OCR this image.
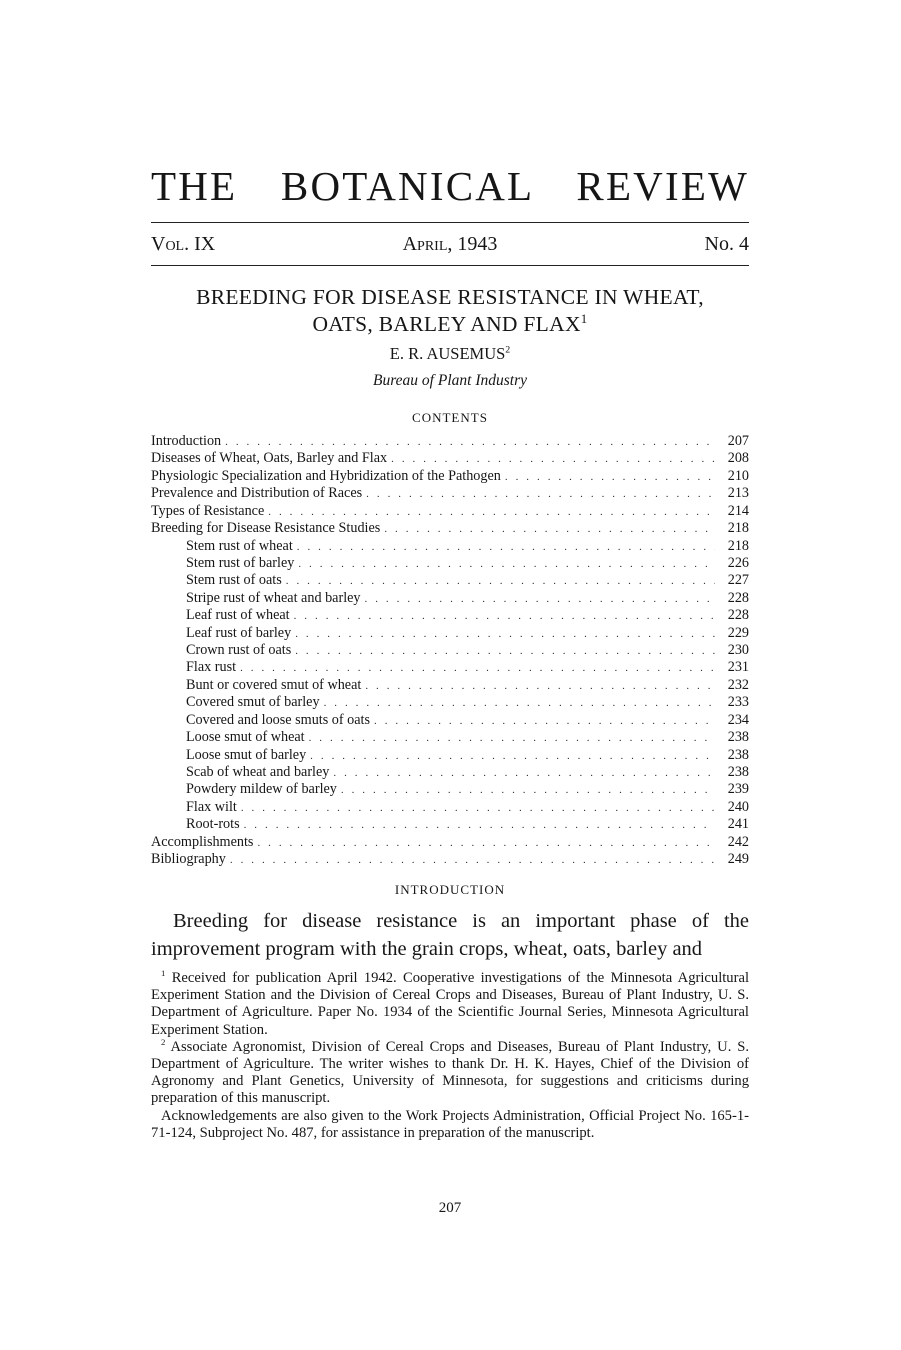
THE BOTANICAL REVIEW
Vol. IX	April, 1943	No. 4
BREEDING FOR DISEASE RESISTANCE IN WHEAT,
OATS, BARLEY AND FLAX$^1$
E. R. AUSEMUS$^2$
Bureau of Plant Industry
CONTENTS
Introduction . . .	207
Diseases of Wheat, Oats, Barley and Flax . . .	208
Physiologic Specialization and Hybridization of the Pathogen . . .	210
Prevalence and Distribution of Races . . .	213
Types of Resistance . . .	214
Breeding for Disease Resistance Studies . . .	218
Stem rust of wheat . . .	218
Stem rust of barley . . .	226
Stem rust of oats . . .	227
Stripe rust of wheat and barley . . .	228
Leaf rust of wheat . . .	228
Leaf rust of barley . . .	229
Crown rust of oats . . .	230
Flax rust . . .	231
Bunt or covered smut of wheat . . .	232
Covered smut of barley . . .	233
Covered and loose smuts of oats . . .	234
Loose smut of wheat . . .	238
Loose smut of barley . . .	238
Scab of wheat and barley . . .	238
Powdery mildew of barley . . .	239
Flax wilt . . .	240
Root-rots . . .	241
Accomplishments . . .	242
Bibliography . . .	249
INTRODUCTION

Breeding for disease resistance is an important phase of the improvement program with the grain crops, wheat, oats, barley and

$^1$ Received for publication April 1942. Cooperative investigations of the Minnesota Agricultural Experiment Station and the Division of Cereal Crops and Diseases, Bureau of Plant Industry, U. S. Department of Agriculture. Paper No. 1934 of the Scientific Journal Series, Minnesota Agricultural Experiment Station.

$^2$ Associate Agronomist, Division of Cereal Crops and Diseases, Bureau of Plant Industry, U. S. Department of Agriculture. The writer wishes to thank Dr. H. K. Hayes, Chief of the Division of Agronomy and Plant Genetics, University of Minnesota, for suggestions and criticisms during preparation of this manuscript.

Acknowledgements are also given to the Work Projects Administration, Official Project No. 165-1-71-124, Subproject No. 487, for assistance in preparation of the manuscript.

207
